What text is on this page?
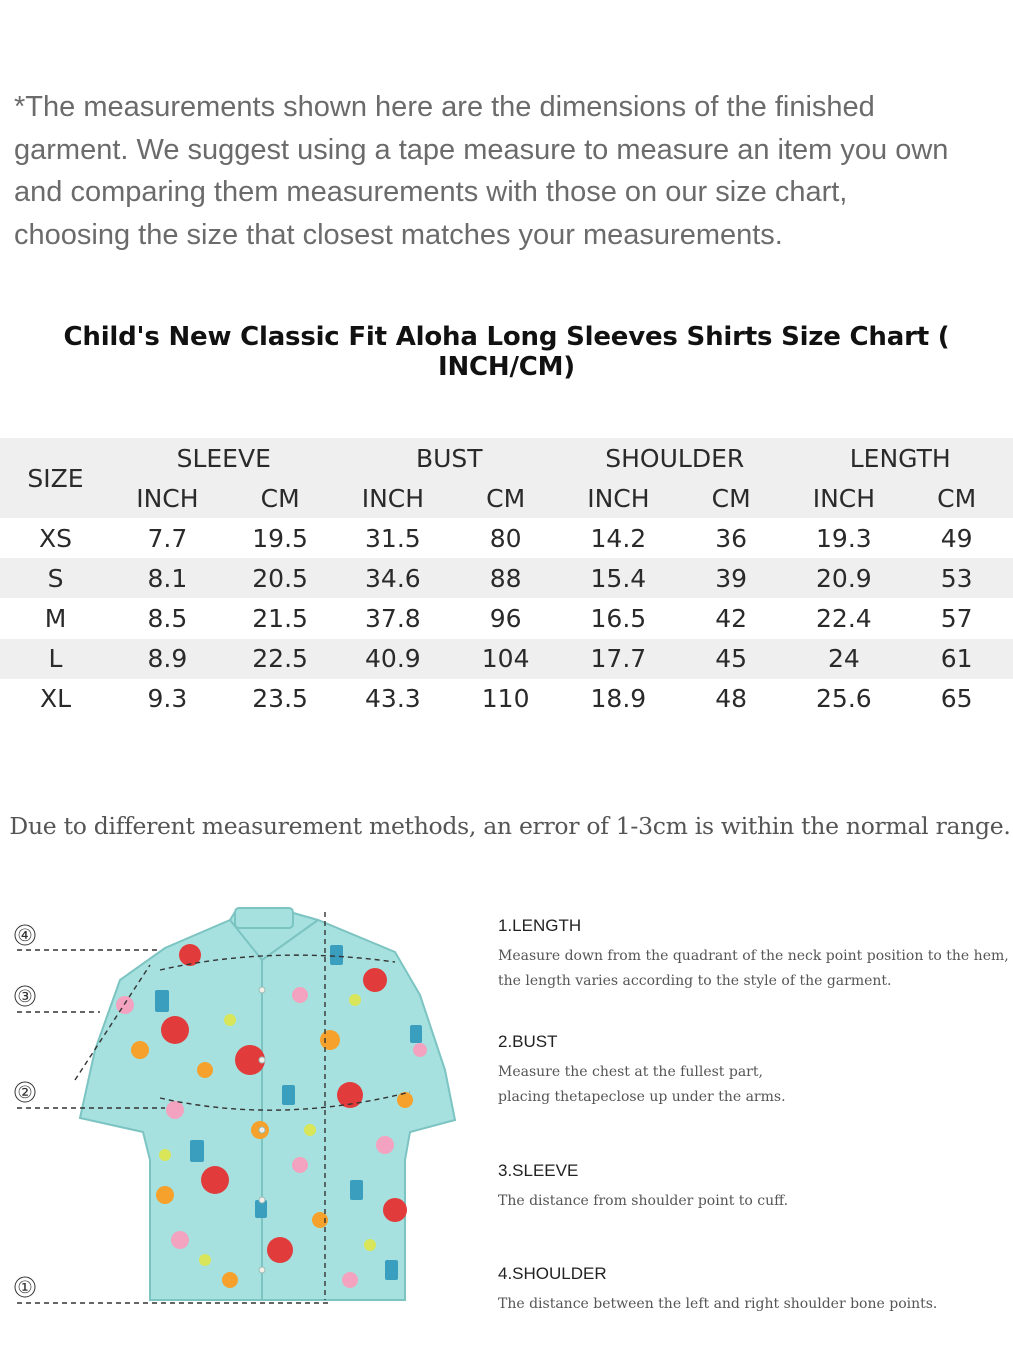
*The measurements shown here are the dimensions of the finished
garment. We suggest using a tape measure to measure an item you own
and comparing them measurements with those on our size chart,
choosing the size that closest matches your measurements.
Child's New Classic Fit Aloha Long Sleeves Shirts Size Chart ( INCH/CM)
SIZE	SLEEVE		BUST		SHOULDER		LENGTH	
	INCH	CM	INCH	CM	INCH	CM	INCH	CM
XS	7.7	19.5	31.5	80	14.2	36	19.3	49
S	8.1	20.5	34.6	88	15.4	39	20.9	53
M	8.5	21.5	37.8	96	16.5	42	22.4	57
L	8.9	22.5	40.9	104	17.7	45	24	61
XL	9.3	23.5	43.3	110	18.9	48	25.6	65

Due to different measurement methods, an error of 1-3cm is within the normal range.

④
③
②
①

1.LENGTH

Measure down from the quadrant of the neck point position to the hem,
the length varies according to the style of the garment.

2.BUST

Measure the chest at the fullest part,
placing thetapeclose up under the arms.

3.SLEEVE

The distance from shoulder point to cuff.

4.SHOULDER

The distance between the left and right shoulder bone points.
